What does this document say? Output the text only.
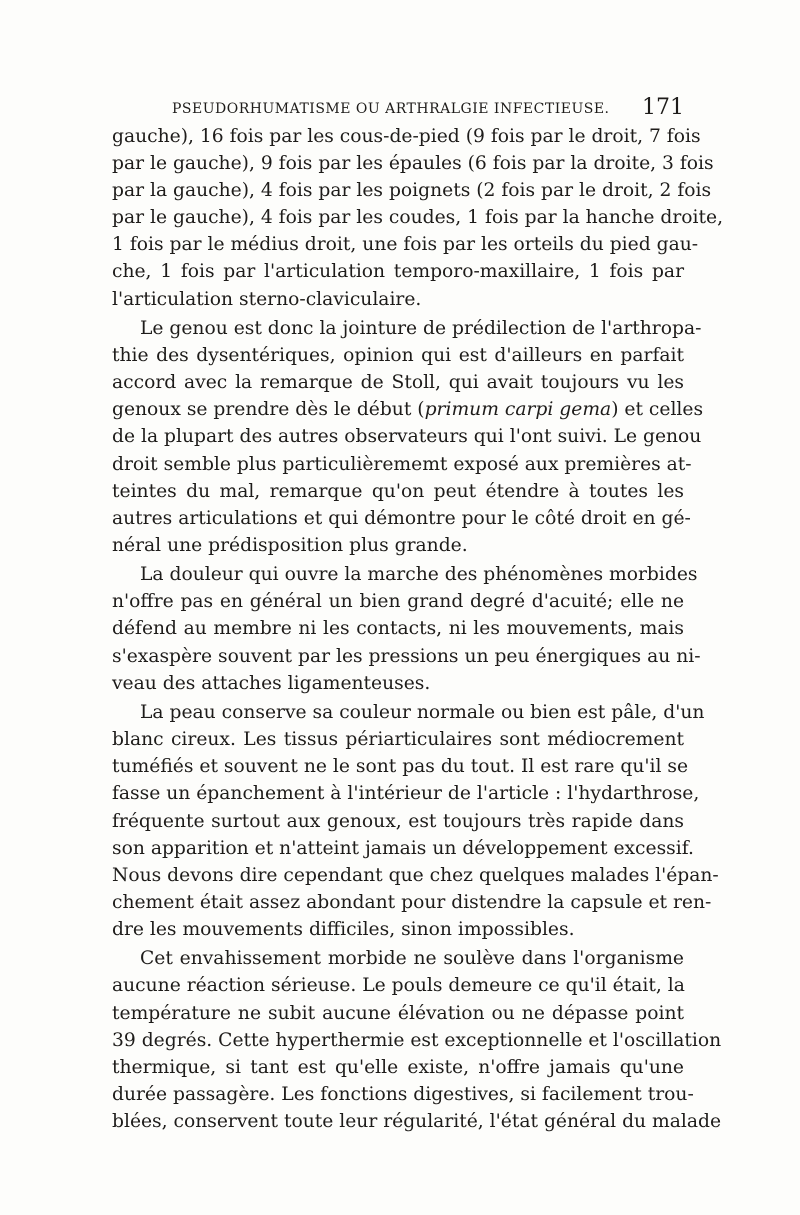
PSEUDORHUMATISME OU ARTHRALGIE INFECTIEUSE. 171
gauche), 16 fois par les cous-de-pied (9 fois par le droit, 7 fois
par le gauche), 9 fois par les épaules (6 fois par la droite, 3 fois
par la gauche), 4 fois par les poignets (2 fois par le droit, 2 fois
par le gauche), 4 fois par les coudes, 1 fois par la hanche droite,
1 fois par le médius droit, une fois par les orteils du pied gau-
che, 1 fois par l'articulation temporo-maxillaire, 1 fois par
l'articulation sterno-claviculaire.
Le genou est donc la jointure de prédilection de l'arthropa-
thie des dysentériques, opinion qui est d'ailleurs en parfait
accord avec la remarque de Stoll, qui avait toujours vu les
genoux se prendre dès le début (primum carpi gema) et celles
de la plupart des autres observateurs qui l'ont suivi. Le genou
droit semble plus particulièrememt exposé aux premières at-
teintes du mal, remarque qu'on peut étendre à toutes les
autres articulations et qui démontre pour le côté droit en gé-
néral une prédisposition plus grande.
La douleur qui ouvre la marche des phénomènes morbides
n'offre pas en général un bien grand degré d'acuité; elle ne
défend au membre ni les contacts, ni les mouvements, mais
s'exaspère souvent par les pressions un peu énergiques au ni-
veau des attaches ligamenteuses.
La peau conserve sa couleur normale ou bien est pâle, d'un
blanc cireux. Les tissus périarticulaires sont médiocrement
tuméfiés et souvent ne le sont pas du tout. Il est rare qu'il se
fasse un épanchement à l'intérieur de l'article : l'hydarthrose,
fréquente surtout aux genoux, est toujours très rapide dans
son apparition et n'atteint jamais un développement excessif.
Nous devons dire cependant que chez quelques malades l'épan-
chement était assez abondant pour distendre la capsule et ren-
dre les mouvements difficiles, sinon impossibles.
Cet envahissement morbide ne soulève dans l'organisme
aucune réaction sérieuse. Le pouls demeure ce qu'il était, la
température ne subit aucune élévation ou ne dépasse point
39 degrés. Cette hyperthermie est exceptionnelle et l'oscillation
thermique, si tant est qu'elle existe, n'offre jamais qu'une
durée passagère. Les fonctions digestives, si facilement trou-
blées, conservent toute leur régularité, l'état général du malade
